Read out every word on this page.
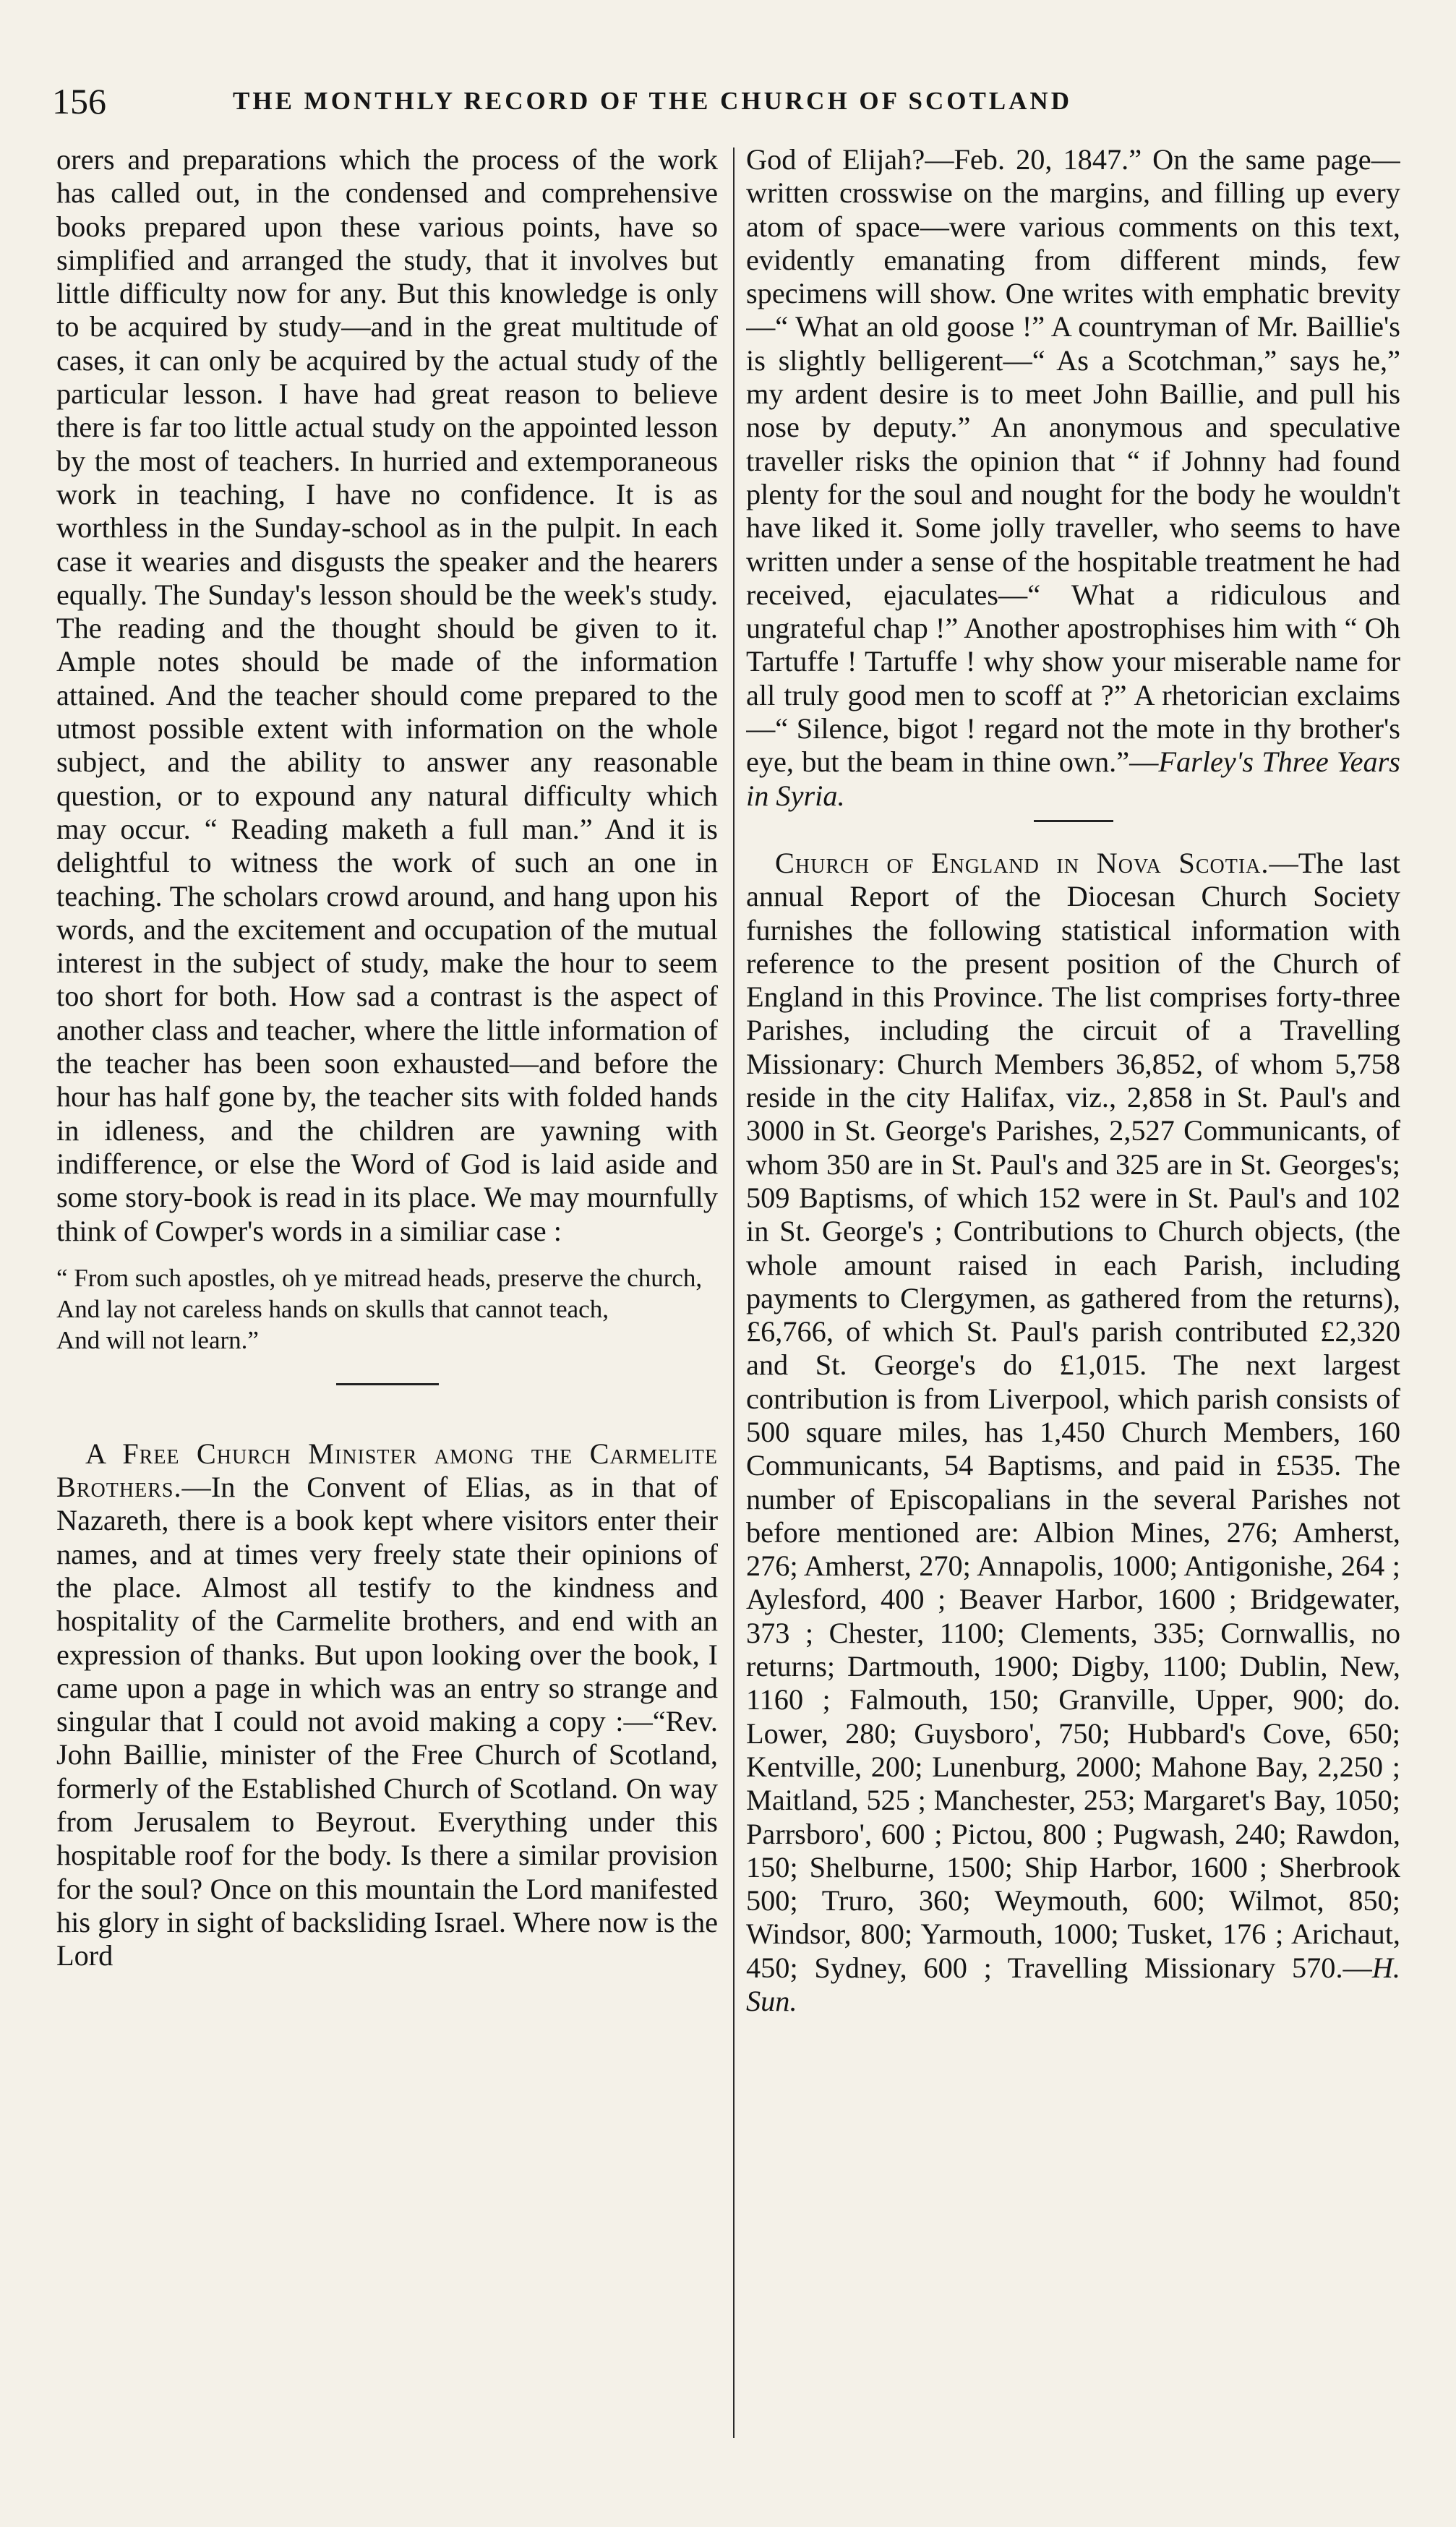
156	THE MONTHLY RECORD OF THE CHURCH OF SCOTLAND

orers and preparations which the process of the work has called out, in the condensed and comprehensive books prepared upon these various points, have so simplified and arranged the study, that it involves but little difficulty now for any. But this knowledge is only to be acquired by study—and in the great multitude of cases, it can only be acquired by the actual study of the particular lesson. I have had great reason to believe there is far too little actual study on the appointed lesson by the most of teachers. In hurried and extemporaneous work in teaching, I have no confidence. It is as worthless in the Sunday-school as in the pulpit. In each case it wearies and disgusts the speaker and the hearers equally. The Sunday's lesson should be the week's study. The reading and the thought should be given to it. Ample notes should be made of the information attained. And the teacher should come prepared to the utmost possible extent with information on the whole subject, and the ability to answer any reasonable question, or to expound any natural difficulty which may occur. “ Reading maketh a full man.” And it is delightful to witness the work of such an one in teaching. The scholars crowd around, and hang upon his words, and the excitement and occupation of the mutual interest in the subject of study, make the hour to seem too short for both. How sad a contrast is the aspect of another class and teacher, where the little information of the teacher has been soon exhausted—and before the hour has half gone by, the teacher sits with folded hands in idleness, and the children are yawning with indifference, or else the Word of God is laid aside and some story-book is read in its place. We may mournfully think of Cowper's words in a similiar case :

“ From such apostles, oh ye mitread heads, preserve the church,
And lay not careless hands on skulls that cannot teach,
And will not learn.”

A Free Church Minister among the Carmelite Brothers.—In the Convent of Elias, as in that of Nazareth, there is a book kept where visitors enter their names, and at times very freely state their opinions of the place. Almost all testify to the kindness and hospitality of the Carmelite brothers, and end with an expression of thanks. But upon looking over the book, I came upon a page in which was an entry so strange and singular that I could not avoid making a copy :—“Rev. John Baillie, minister of the Free Church of Scotland, formerly of the Established Church of Scotland. On way from Jerusalem to Beyrout. Everything under this hospitable roof for the body. Is there a similar provision for the soul? Once on this mountain the Lord manifested his glory in sight of backsliding Israel. Where now is the Lord

God of Elijah?—Feb. 20, 1847.” On the same page—written crosswise on the margins, and filling up every atom of space—were various comments on this text, evidently emanating from different minds, few specimens will show. One writes with emphatic brevity—“ What an old goose !” A countryman of Mr. Baillie's is slightly belligerent—“ As a Scotchman,” says he,” my ardent desire is to meet John Baillie, and pull his nose by deputy.” An anonymous and speculative traveller risks the opinion that “ if Johnny had found plenty for the soul and nought for the body he wouldn't have liked it. Some jolly traveller, who seems to have written under a sense of the hospitable treatment he had received, ejaculates—“ What a ridiculous and ungrateful chap !” Another apostrophises him with “ Oh Tartuffe ! Tartuffe ! why show your miserable name for all truly good men to scoff at ?” A rhetorician exclaims—“ Silence, bigot ! regard not the mote in thy brother's eye, but the beam in thine own.”—Farley's Three Years in Syria.

Church of England in Nova Scotia.—The last annual Report of the Diocesan Church Society furnishes the following statistical information with reference to the present position of the Church of England in this Province. The list comprises forty-three Parishes, including the circuit of a Travelling Missionary: Church Members 36,852, of whom 5,758 reside in the city Halifax, viz., 2,858 in St. Paul's and 3000 in St. George's Parishes, 2,527 Communicants, of whom 350 are in St. Paul's and 325 are in St. Georges's; 509 Baptisms, of which 152 were in St. Paul's and 102 in St. George's ; Contributions to Church objects, (the whole amount raised in each Parish, including payments to Clergymen, as gathered from the returns), £6,766, of which St. Paul's parish contributed £2,320 and St. George's do £1,015. The next largest contribution is from Liverpool, which parish consists of 500 square miles, has 1,450 Church Members, 160 Communicants, 54 Baptisms, and paid in £535. The number of Episcopalians in the several Parishes not before mentioned are: Albion Mines, 276; Amherst, 276; Amherst, 270; Annapolis, 1000; Antigonishe, 264 ; Aylesford, 400 ; Beaver Harbor, 1600 ; Bridgewater, 373 ; Chester, 1100; Clements, 335; Cornwallis, no returns; Dartmouth, 1900; Digby, 1100; Dublin, New, 1160 ; Falmouth, 150; Granville, Upper, 900; do. Lower, 280; Guysboro', 750; Hubbard's Cove, 650; Kentville, 200; Lunenburg, 2000; Mahone Bay, 2,250 ; Maitland, 525 ; Manchester, 253; Margaret's Bay, 1050; Parrsboro', 600 ; Pictou, 800 ; Pugwash, 240; Rawdon, 150; Shelburne, 1500; Ship Harbor, 1600 ; Sherbrook 500; Truro, 360; Weymouth, 600; Wilmot, 850; Windsor, 800; Yarmouth, 1000; Tusket, 176 ; Arichaut, 450; Sydney, 600 ; Travelling Missionary 570.—H. Sun.
